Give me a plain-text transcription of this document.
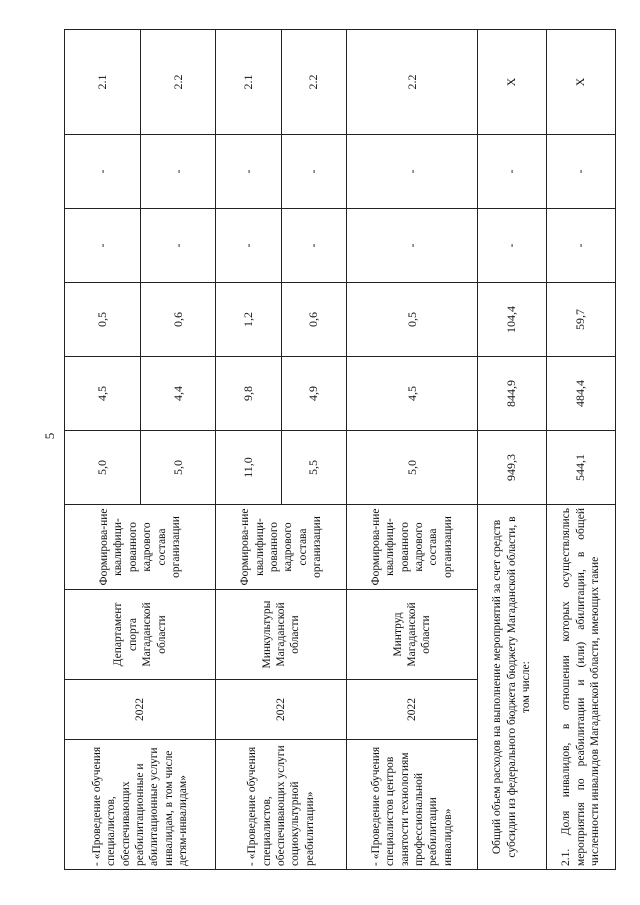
5
- «Проведение обучения специалистов, обеспечивающих реабилитационные и абилитационные услуги инвалидам, в том числе детям-инвалидам»	2022	Департамент спорта Магаданской области	Формирова-ние квалифици-рованного кадрового состава организации	5,0	4,5	0,5	-	-	2.1
				5,0	4,4	0,6	-	-	2.2
- «Проведение обучения специалистов, обеспечивающих услуги социокультурной реабилитации»	2022	Минкультуры Магаданской области	Формирова-ние квалифици-рованного кадрового состава организации	11,0	9,8	1,2	-	-	2.1
				5,5	4,9	0,6	-	-	2.2
- «Проведение обучения специалистов центров занятости технологиям профессиональной реабилитации инвалидов»	2022	Минтруд Магаданской области	Формирова-ние квалифици-рованного кадрового состава организации	5,0	4,5	0,5	-	-	2.2
Общий объем расходов на выполнение мероприятий за счет средств субсидии из федерального бюджета бюджету Магаданской области, в том числе:				949,3	844,9	104,4	-	-	Х
2.1. Доля инвалидов, в отношении которых осуществлялись мероприятия по реабилитации и (или) абилитации, в общей численности инвалидов Магаданской области, имеющих такие				544,1	484,4	59,7	-	-	Х
